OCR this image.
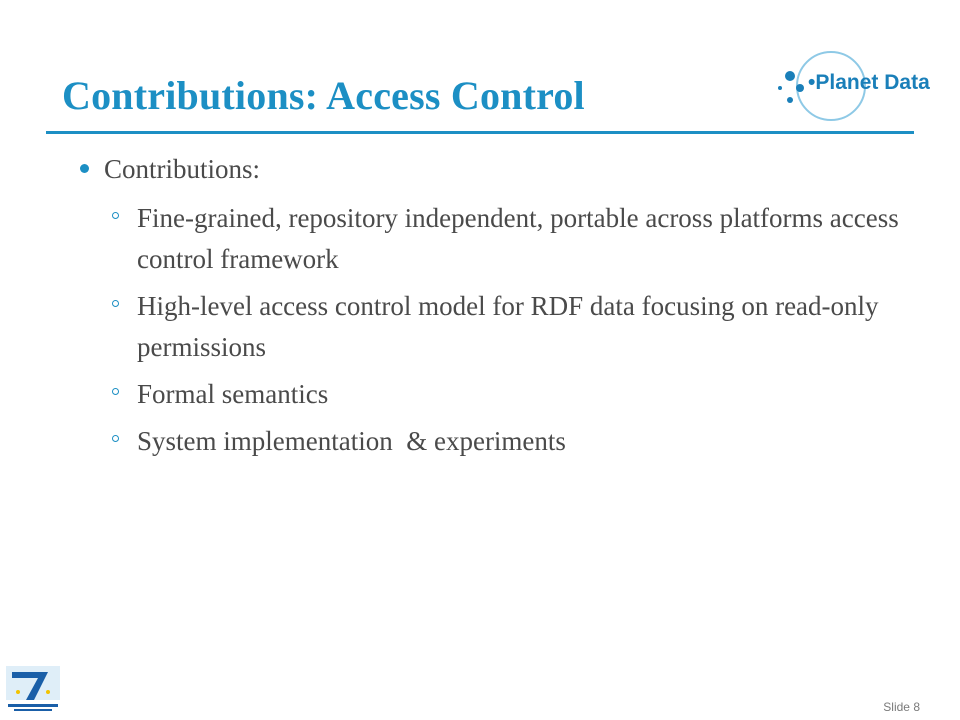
Contributions: Access Control	•Planet Data
Contributions:
Fine-grained, repository independent, portable across platforms access control framework
High-level access control model for RDF data focusing on read-only permissions
Formal semantics
System implementation  & experiments
Slide 8
